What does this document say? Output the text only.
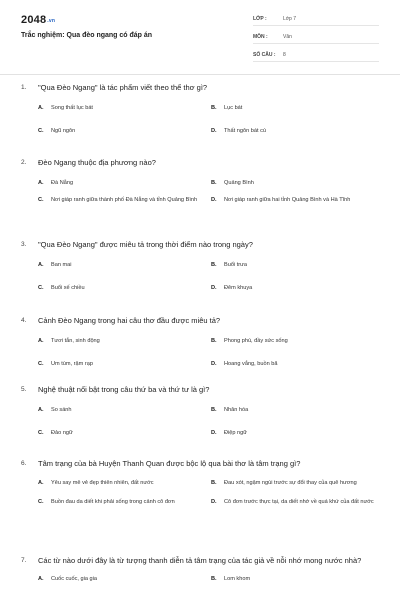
2048.vn
Trắc nghiệm: Qua đèo ngang có đáp án
LỚP :	Lớp 7
MÔN :	Văn
SỐ CÂU :	8
1. "Qua Đèo Ngang" là tác phẩm viết theo thể thơ gì?
A.	Song thất lục bát	B.	Lục bát
C.	Ngũ ngôn	D.	Thất ngôn bát cú
2. Đèo Ngang thuộc địa phương nào?
A.	Đà Nẵng	B.	Quảng Bình
C.	Nơi giáp ranh giữa thành phố Đà Nẵng và tỉnh Quảng Bình	D.	Nơi giáp ranh giữa hai tỉnh Quảng Bình và Hà Tĩnh
3. "Qua Đèo Ngang" được miêu tả trong thời điểm nào trong ngày?
A.	Ban mai	B.	Buổi trưa
C.	Buổi xế chiều	D.	Đêm khuya
4. Cảnh Đèo Ngang trong hai câu thơ đầu được miêu tả?
A.	Tươi tắn, sinh động	B.	Phong phú, đầy sức sống
C.	Um tùm, rậm rạp	D.	Hoang vắng, buồn bã
5. Nghệ thuật nổi bật trong câu thứ ba và thứ tư là gì?
A.	So sánh	B.	Nhân hóa
C.	Đảo ngữ	D.	Điệp ngữ
6. Tâm trạng của bà Huyện Thanh Quan được bộc lộ qua bài thơ là tâm trạng gì?
A.	Yêu say mê vẻ đẹp thiên nhiên, đất nước	B.	Đau xót, ngậm ngùi trước sự đổi thay của quê hương
C.	Buồn đau da diết khi phải sống trong cảnh cô đơn	D.	Cô đơn trước thực tại, da diết nhớ về quá khứ của đất nước
7. Các từ nào dưới đây là từ tượng thanh diễn tả tâm trạng của tác giả về nỗi nhớ mong nước nhà?
A.	Cuốc cuốc, gia gia	B.	Lom khom
